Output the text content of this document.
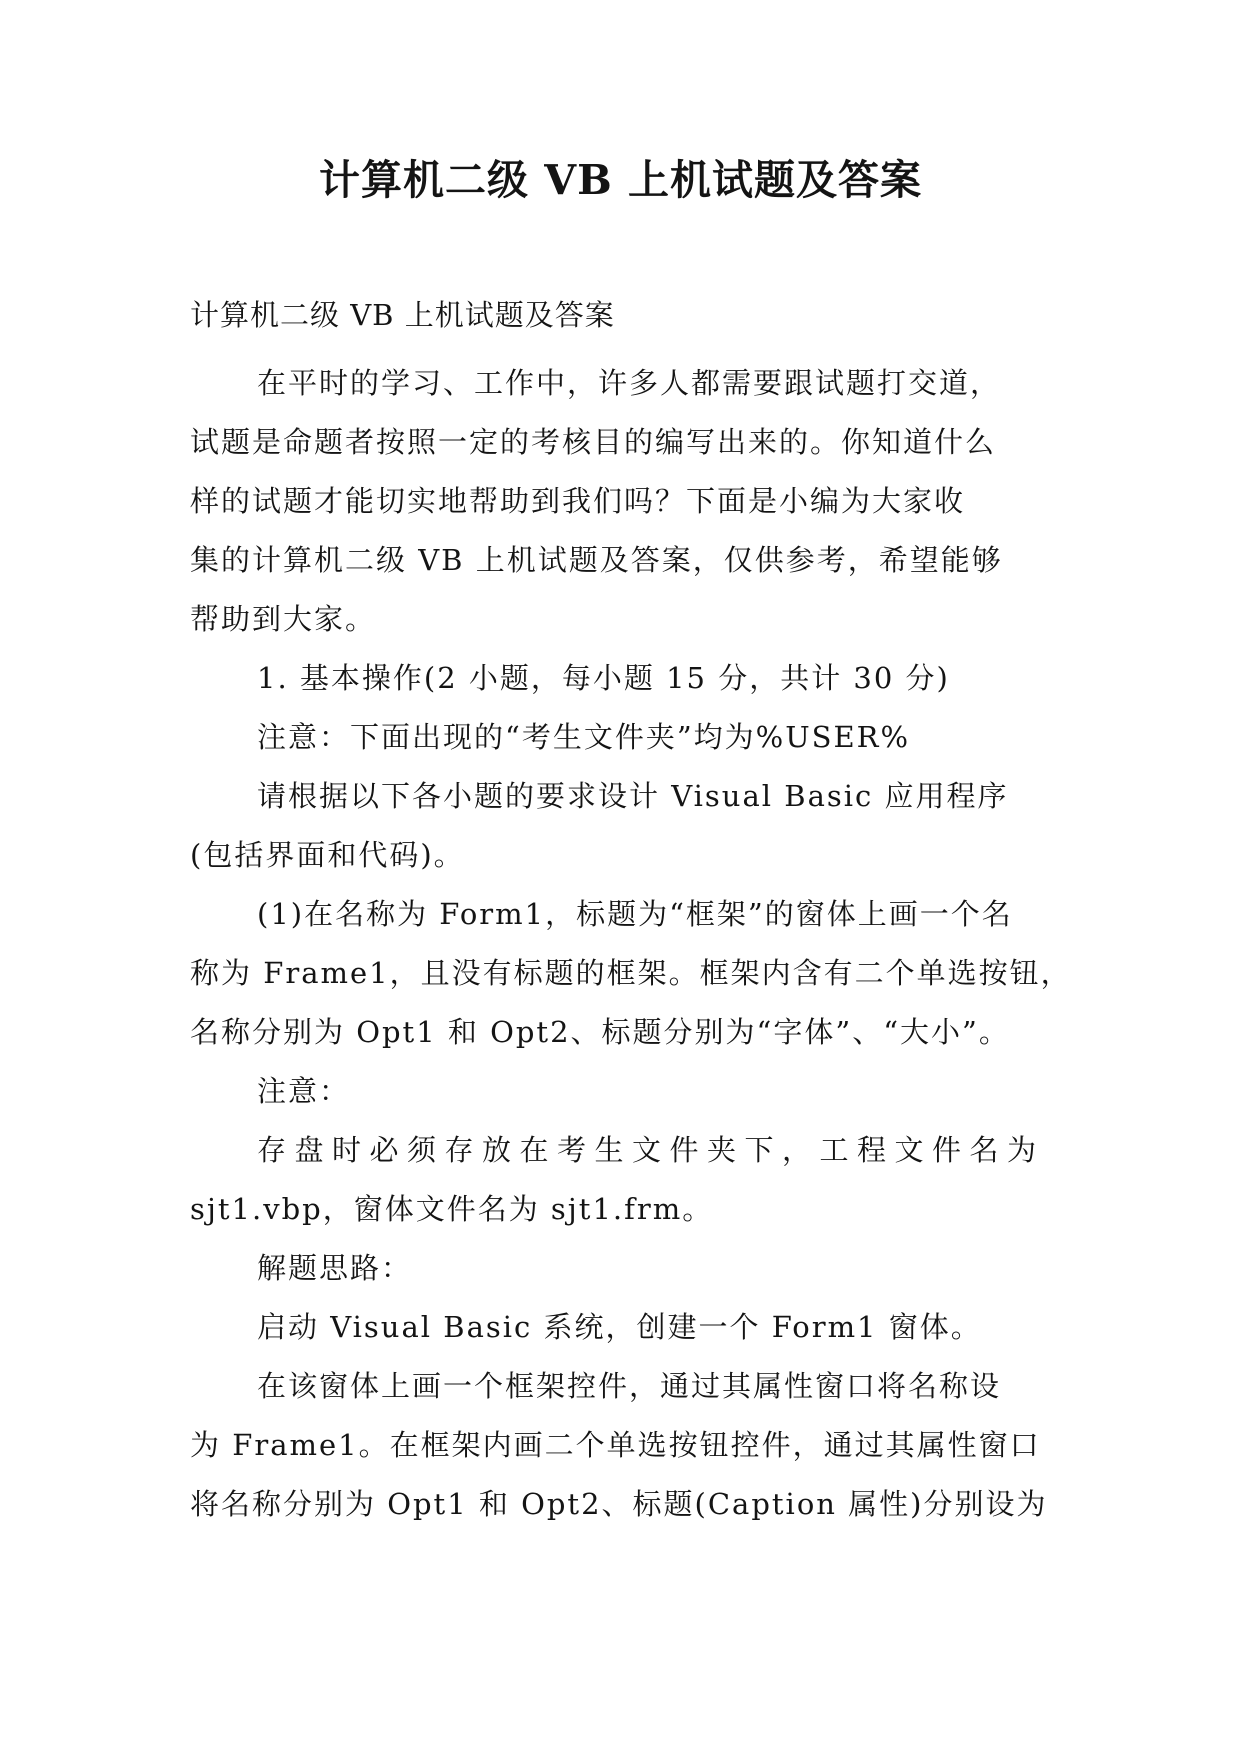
计算机二级 VB 上机试题及答案
计算机二级 VB 上机试题及答案
在平时的学习、工作中，许多人都需要跟试题打交道，
试题是命题者按照一定的考核目的编写出来的。你知道什么
样的试题才能切实地帮助到我们吗？下面是小编为大家收
集的计算机二级 VB 上机试题及答案，仅供参考，希望能够
帮助到大家。
1. 基本操作(2 小题，每小题 15 分，共计 30 分)
注意：下面出现的“考生文件夹”均为%USER%
请根据以下各小题的要求设计 Visual Basic 应用程序
(包括界面和代码)。
(1)在名称为 Form1，标题为“框架”的窗体上画一个名
称为 Frame1，且没有标题的框架。框架内含有二个单选按钮，
名称分别为 Opt1 和 Opt2、标题分别为“字体”、“大小”。
注意：
存盘时必须存放在考生文件夹下，工程文件名为
sjt1.vbp，窗体文件名为 sjt1.frm。
解题思路：
启动 Visual Basic 系统，创建一个 Form1 窗体。
在该窗体上画一个框架控件，通过其属性窗口将名称设
为 Frame1。在框架内画二个单选按钮控件，通过其属性窗口
将名称分别为 Opt1 和 Opt2、标题(Caption 属性)分别设为
